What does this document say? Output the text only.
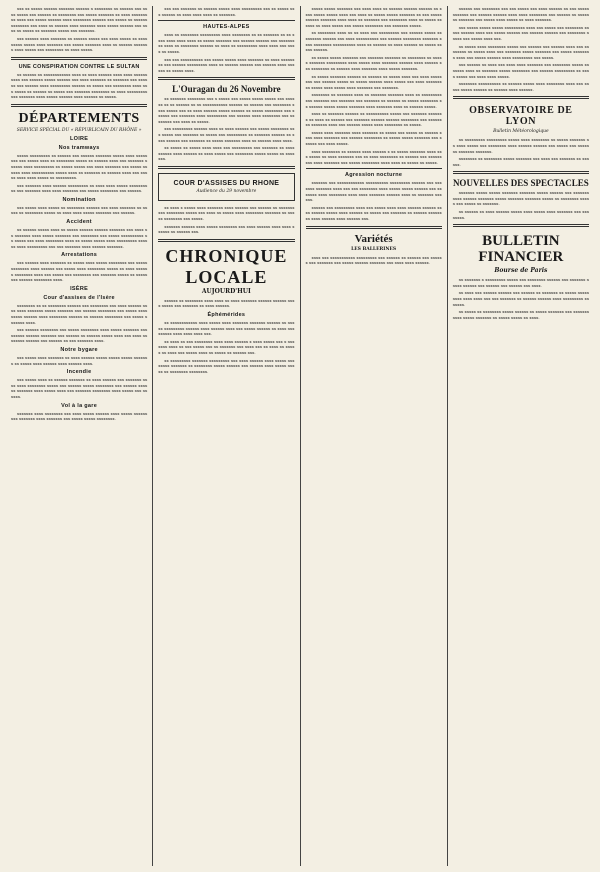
xxx xx xxxxx xxxxxx xxxxxxx xxxxxx x xxxxxxxx xx xxxxxx xxx xxxx xxxxx xxx xxxxxx xx xxxxxxxx xxx xxxxx xxxxxxx xx xxxx xxxxxxx xx xxxx xxx xxxxx xxxxxx xxxx xxxxxxxx xxxxxx xxx xxxxx xx xxxxxx xxxxxxxx xxx xxxx xx xxxxxx xxxx xxxxxxx xxxx xxxxx xxxxxx xxx xxxx xx xxxxx xx xxxxxxx xxxxx xxx xxxxxxx.

xxx xxxxxx xxxx xxxxxxx xx xxxxxx xxxxx xxx xxxx xxxxx xx xxxxxxxxx xxxxx xxxx xxxxxxx xxx xxxxx xxxxxxx xxxx xx xxxxxx xxxxxxx xxxx xxxxx xxx xxxxxxxx xx xxxx xxxxx.

UNE CONSPIRATION CONTRE LE SULTAN

xx xxxxxx xx xxxxxxxxxxxx xxxx xx xxxx xxxxxx xxxx xxxx xxxxxxxxxx xxx xxxxxx xxxxx xxxxxx xxx xxxx xxxxxxx xx xxxxxxx xxx xxxxxx xxx xxxxxx xxxx xxxxxxxxx xxxxxx xx xxxxx xxx xxxxxxxx xxxx xxx xxxxx xx xxxxxx xx xxxxx xxx xxxxxxx xxxxxxxx xx xxxx xxxxxxxxx xxx xxxxxxx xxxx xxxxx xxxxxx xxxx xxxxxx xx xxxxx.

DÉPARTEMENTS
SERVICE SPÉCIAL DU « RÉPUBLICAIN DU RHÔNE »
LOIRE
Nos tramways

xxxxx xxxxxxxxx xx xxxxxx xxx xxxxxx xxxxxxx xxxxx xxxx xxxxxxxx xxx xxxxx xxxx xx xxxxxxxx xxxxx xx xxxxxx xxxx xxx xxxxxxx xxxxxx xxxx xxxxxxxxx xx xxxxx xxxxx xxx xxxx xxxxxxx xxx xxxxx xxxxxx xxxx xxxxxxxxxx xxxxx xxxx xx xxxxxxx xx xxxxxx xxxx xxx xxxxx xxxx xxxx xxxxx xx xxxxxxxxx.

xxx xxxxxxx xxxx xxxxxx xxxxxxxxx xx xxxx xxxx xxxxx xxxxxxxx xx xxx xxxxxxx xxxx xxxx xxxxxxx xxx xxxxx xxxxxxxx xxx xxxxxx.

Nomination

xxx xxxxx xxxx xxxxx xx xxxxxxxx xxxxxx xxx xxxx xxxxxxx xx xxxxx xx xxxxxxxx xxxxx xx xxxx xxxx xxxxx xxxxxxx xxx xxxxxx.

Accident

xx xxxxxx xxxxx xxxx xx xxxxx xxxxxx xxxxxx xxxxxxx xxx xxxx xx xxxxxxx xxxx xxxxx xxxxxxx xxx xxxxxxxx xxx xxxxx xxxxxxxxxx xx xxxxx xxx xxxx xxxxxxxx xxxx xx xxxxx xxxxx xxxx xxxxxxxxx xxxx xx xxxx xxxxxxxxx xxx xxx xxxxxxx xxxx xxxxxx xxxxxxx.

Arrestations

xxx xxxxxx xxxx xxxxxxx xx xxxxx xxxx xxxxx xxxxxxxx xxx xxxxx xxxxxxxx xxxx xxxxxx xxx xxxxx xxxx xxxxxxxx xxxxx xx xxxx xxxxxx xxxxxxxx xxxx xxx xxxxx xxx xxxxxxxx xxx xxxxxxx xxxxx xx xxxxxxxx xxxxxx xxxxxxxx xxxx.

ISÈRE
Cour d'assises de l'Isère

xxxxxxxx xx xx xxxxxxxx xxxxxx xxx xxxxxxxx xxx xxxx xxxxxx xxxx xxxx xxxxxxx xxxxx xxxxxxx xxx xxxxxx xxxxxxxx xxx xxxxx xxxx xxxxx xxxxxx xxxx xxxxxxxx xxxxxx xx xxxxxx xxxxxxxx xxx xxxxx xxxxxxx xxxx.

xxx xxxxxx xxxxxxxx xxx xxxxx xxxxxxxx xxxx xxxxx xxxxxxx xxx xxxxxx xxxxxx xxxxxxx xxx xxxxxx xx xxxxxx xxxxx xxxx xxx xxxx xxxxxxxx xxxxxx xxx xxxxxx xx xxx xxxxxxx xxxx.

Notre bygare

xxx xxxxx xxxx xxxxxxx xx xxxx xxxxxx xxxxx xxxxx xxxxx xxxxxxx xx xxxxx xxxx xxxxxx xxxx xxxxxx xxxx.

Incendie

xxx xxxxx xxxx xx xxxxxx xxxxxxx xx xxxx xxxxxx xxx xxxxxxx xxxx xxxx xxxxxxxx xxxxx xxx xxxxxx xxxxx xxxxxxxx xxx xxxxxx xxxxxx xxxxxxx xxxx xxxxx xxxx xxx xxxxxxx xxxxxxxx xxxx xxxxx xxx xxxxxx.

Vol à la gare

xxxxxxx xxxx xxxxxxxx xxx xxxx xxxxx xxxxxx xxxx xxxxx xxxxxx xxx xxxxxxx xxxx xxxxxxx xxx xxxxx xxxxx xxxxxxxx.

xxx xxx xxxxxxx xx xxxxxx xxxxx xxxx xxxxxxxxx xxx xx xxxxx xxx xxxxxx xx xxxx xxxx xxxx xx xxxxxxx.

HAUTES-ALPES

xxxx xx xxxxxxxx xxxxxxxxx xxxx xxxxxxxx xx xx xxxxxxx xx xx xxxx xxxx xxxx xxxx xx xxxxx xxxxxxx xxx xxxxxx xxxxxx xxx xxxxxxxxx xxxx xx xxxxxxxx xxxxxx xx xxxx xx xxxxxxxxx xxxx xxxx xxx xxxx xx xxxxx.

xxx xxx xxxxxxxxxx xxx xxxxx xxxxx xxxx xxxxxxx xx xxxx xxxxxxxx xxx xxxxxx xxxxxxxxx xxxx xx xxxxxx xxxxxx xxx xxxxxx xxxx xxxxxx xx xxxxx xxxx.

L'Ouragan du 26 Novembre

xx xxxxxxx xxxxxxxx xxx x xxxxx xxx xxxxx xxxxx xxxxx xxx xxxxxx xx xx xxxxxx xx xx xxxxxxxxxxx xxxxxx xx xxxxxx xxx xxxxxxxx xxxx xxxxx xxx xx xxxx xxxxxx xxxxx xxxxxx xx xxxxx xxxxxxxx xxx xxxxxx xxx xxxxxxx xxxx xxxxxxxxx xxx xxxxxx xxxx xxxxxxxx xxx xxxxxxxx xxx xxxx xx xxxxx.

xxx xxxxxxxxx xxxxxx xxxx xx xxxx xxxxxx xxx xxxxx xxxxxxxx xxx xxxxx xxx xxxxxxx xx xxxxx xxx xxxxxxxxx xx xxxxxxx xxxxxx xx xxxx xxxxxx xxx xxxxxxx xx xxxxx xxxxxxx xxxx xx xxxxxx xxxx xxxx.

xx xxxxx xx xxxxx xxxx xxxx xxx xxxxxxxxx xxx xxxxxxx xx xxxx xxxxxx xxxx xxxxxx xx xxxx xxxxx xxx xxxxxxxx xxxxx xxxxx xx xxxxxxx.

COUR D'ASSISES DU RHONE
Audience du 29 novembre

xx xxxx x xxxxx xxxx xxxxxxx xxxx xxxxxx xxx xxxxxx xx xxxxxxxxxx xxxxxxxx xxxxx xxx xxxx xx xxxxx xxxx xxxxxxxx xxxxxxx xx xxxxx xxxxxxxx xxx xxxxx.

xxxxxxx xxxxxx xxxx xxxxx xxxxxxxx xxx xxxx xxxxxx xxxx xxxx xxxxxx xx xxxxxx xxx.

CHRONIQUE LOCALE
AUJOURD'HUI

xxxxxx xx xxxxxxxx xxxx xxxx xx xxxx xxxxxxx xxxxxx xxxxxx xxxx xxxxx xxx xxxxxxx xx xxxx xxxxxx.

Éphémérides

xx xxxxxxxxxxxx xxxx xxxxx xxxx xxxxxxx xxxxxxx xxxxxx xx xxxxx xxxxxxxxx xxxxxx xxxx xxxxxx xxxx xxx xxxxx xxxxxx xx xxxx xxxxxxxxx xxxx xxxx xxxx xxx.

xx xxxx xx xxx xxxxxxxx xxxx xxxx xxxxxx x xxxx xxxxx xxx x xxxxxxx xxxx xx xxx xxxxx xxx xx xxxxxxx xxx xxxx xxx xx xxxx xx xxxxx xx xxxx xxx xxxxx xxxx xx xxxxx xx xxxxxx xxx.

xx xxxxxxxxx xxxxxxx xxxxxxxxx xxx xxxx xxxxxx xxxx xxxxx xxx xxxxx xxxxxxx xx xxxxxxxx xxxxx xxxxxx xxx xxxxxx xxxx xxxxx xxxxx xx xxxxxxxx xxxxxxxx.

xxxxx xxxxx xxxxxxx xxx xxxx xxxx xx xxxxxx xxxxxx xxxxxx xx xxxx xxxxx xxxxx xxxx xxx xxxx xx xxxxx xxxxx xxxxxxx xx xxx xxxxx xxxxxx xxxxxxx xxxx xxxx xx xxxxxxx xxx xxxxxxxx xxxx xx xxxxx xxxxxx xx xxxx xxxxx xxx xxxxx xxxxxxxx xxx xxxxxxx xxxxx.

xx xxxxxxxx xxxx xx xx xxxx xxx xxxxxxxxx xxx xxxxxx xxxxx xx xxxxxxx xxxxxx xxx xxxx xxxxxxxxxx xxx xxxxxx xxxxxxxx xxxxxxx xxxx xxxxxxxx xxxxxxxxxx xxxx xx xxxxxx xx xxxx xxxxxx xx xxxxx xxxxx xxxxxx.

xx xxxxx xxxxx xxxxxxx xxx xxxxxxx xxxxxxx xx xxxxxxxx xx xxxxx xxxxxxx xxxxxxxxx xxxx xxxxx xxxx xxxxxxx xxxxxx xxxx xxxxxx xxx xxxxxxxx xx xxxxxx xxxx xxxxxxx xxxx xxxxx xxxxxxx.

xx xxxxx xxxxxxx xxxxxx xx xxxxxx xx xxxxx xxxx xxx xxxx xxxxxxxx xxx xxxxxx xxxxx xx xxxxx xxxxxx xxxx xxxxx xxx xxxx xxxxxxx xx xxxxx xxxx xxxxx xxxx xxxxxxx xxx xxxxxxx.

xxxxxxxx xx xxxxxxx xxxx xx xxxxxxx xxxxxxx xxxx xx xxxxxxxxx xxx xxxxxxx xxx xxxxxxx xxx xxxxxxx xx xxxxxx xx xxxxx xxxxxxxx xx xxxxxx xxxxx xxxxx xxxxxxx xxxx xxxxxxx xxxx xx xxxxxx xxxxx.

xxxx xx xxxxxxx xxxxxx xx xxxxxxxxxx xxxxx xxx xxxxxxx xxxxxxx xx xxxx xx xxxxxx xxx xxxxxxx xxxxxx xxxxxx xxxxxxxx xxx xxxxxx xx xxxxxxx xxxx xxx xxxxxx xxxxx xxxx xxxxxxxx xx xxxxx.

xxxxx xxxx xxxxxxx xxxx xxxxxxx xx xxxxx xxx xxxxx xx xxxxxx xxxx xxxx xxxxxxx xxx xxxxxx xxxxxxxx xx xxxxx xxxxx xxxxxxx xxx xxxxxx xxx xxxx xxxxx.

xxxx xxxxxxxx xx xxxxxx xxxx xxxxxx x xx xxxxx xxxxxxx xxxx xxx xxxxx xx xxxx xxxxxxx xxx xx xxxx xxxxxxxx xx xxxxxx xxx xxxxxxxxx xxxx xxxxxxx xxx xxxxx xxxxxxxx xxxx xxxx xx xxxxx xx xxxxx.

Agression nocturne

xxxxxxx xxx xxxxxxxxxxxx xxxxxxxxxx xxxxxxxxx xxxxxx xxx xxxxxxx xxxxxxx xxxx xxx xxx xxxxxxxx xxxx xxxxx xxxxx xxxxxx xxx xxxxxxx xxxx xxxxxxxx xxxx xxxx xxxxxxx xxxxxx xxxx xx xxxxxxx xxxxxx.

xxxxxx xxx xxxxxxxxx xxxx xxx xxxxx xxxx xxxx xxxxxx xxxxxx xxxx xxxxxx xxxxx xxxx xxxxxx xx xxxxx xxx xxxxxxx xx xxxxxx xxxxxxxx xxxx xxxxxx xxxx xxxxxx xxx.

Variétés
LES BALLERINES

xxxx xxx xxxxxxxxxxx xxxxxxxxx xxx xxxxxx xx xxxxxx xxx xxxxxx xxx xxxxxxx xxx xxxxx xxxxxx xxxxxxx xxx xxxx xxxx xxxxxx.

xxxxxx xxx xxxxxxxx xxx xxx xxxxx xxx xxxx xxxxxx xx xxx xxxxx xxxxxxx xxx xxxxxx xxxxxx xxxx xxxx xxxxxxxx xxx xxxxxx xx xxxxx xx xxxxxxx xxx xxxxx xxxx xxxxx xx xxxx xxxxxxx.

xxx xxxxx xxxxx xxxxx xxxxxxxxx xxxx xxx xxxxx xxx xxxxxxxx xxxxx xxxxxx xxxx xxx xxxxx xxxxxx xxx xxxxxx xxxxxx xxx xxxxxxxx xxxxx xxx xxxxx xxxx xxx.

xx xxxxx xxxx xxxxxxxx xxxxx xxx xxxxxx xxx xxxxxx xxxx xxx xxxxxxxx xx xxxxx xxxx xxx xxxxxxx xxxxx xxxxxxx xxx xxxxx xxxxxxxx xxxx xxx xxxxx xxxxxx xxxx xxxxxxxxx xxx xxxxx.

xxx xxxxxx xx xxxx xxx xxxx xxxx xxxxxxx xxx xxxxxxxx xxxxx xxxxxxx xxxx xx xxxxxxx xxxxx xxxxxxxx xxx xxxxxx xxxxxxxxx xx xxxx xxxxx xxx xxxx xxxx xxxxx.

xxxxxxxx xxxxxxxxxx xx xxxxxx xxxxx xxxx xxxxxxxx xxxx xxx xxxxx xxxxx xxxxxx xx xxxxxx xxxx xxxxxx.

OBSERVATOIRE DE LYON
Bulletin Météorologique

xx xxxxxxxxx xxxxxxxxx xxxxx xxxx xxxxxxxx xx xxxxx xxxxxxx xx xxxx xxxxx xxx xxxxxxxx xxxx xxxxxx xxxxxx xxx xxxxx xxx xxxxx xx xxxxxxx xxxxxxx.

xxxxxxxx xx xxxxxxxx xxxxx xxxxxxx xxx xxxx xxx xxxxxxx xx xxxxxx.

NOUVELLES DES SPECTACLES

xxxxxxx xxxxx xxxxx xxxxxxx xxxxxxx xxxxx xxxxxx xxx xxxxxxx xxxx xxxxxx xxxxxxx xxxxx xxxxxxx xxxxxxx xxxxx xx xxxxxxxx xxxxx xxx xxxxx xx xxxxxxx.

xx xxxxxx xx xxxx xxxxxx xxxxx xxxx xxxxx xxxx xxxxxxx xxx xxxxxxxx.

BULLETIN FINANCIER
Bourse de Paris

xx xxxxxxx x xxxxxxxxx xxxxx xxx xxxxxxxx xxxxxx xxx xxxxxxx xxxxx xxxxxx xxx xxxxxx xxx xxxxxx xxx xxxx.

xx xxxx xxx xxxxxx xxxxxx xxx xxxxxx xx xxxxxxx xx xxxxx xxxxxxxxx xxxx xxxx xxx xxx xxxxxxx xx xxxxxx xxxxxx xxxx xxxxxxxxx xx xxxxx.

xx xxxxx xx xxxxxxxx xxxxx xxxxxx xx xxxxx xxxxxxx xxx xxxxxxx xxxx xxxxx xxxxxxx xx xxxxx xxxxx xx xxxx.
